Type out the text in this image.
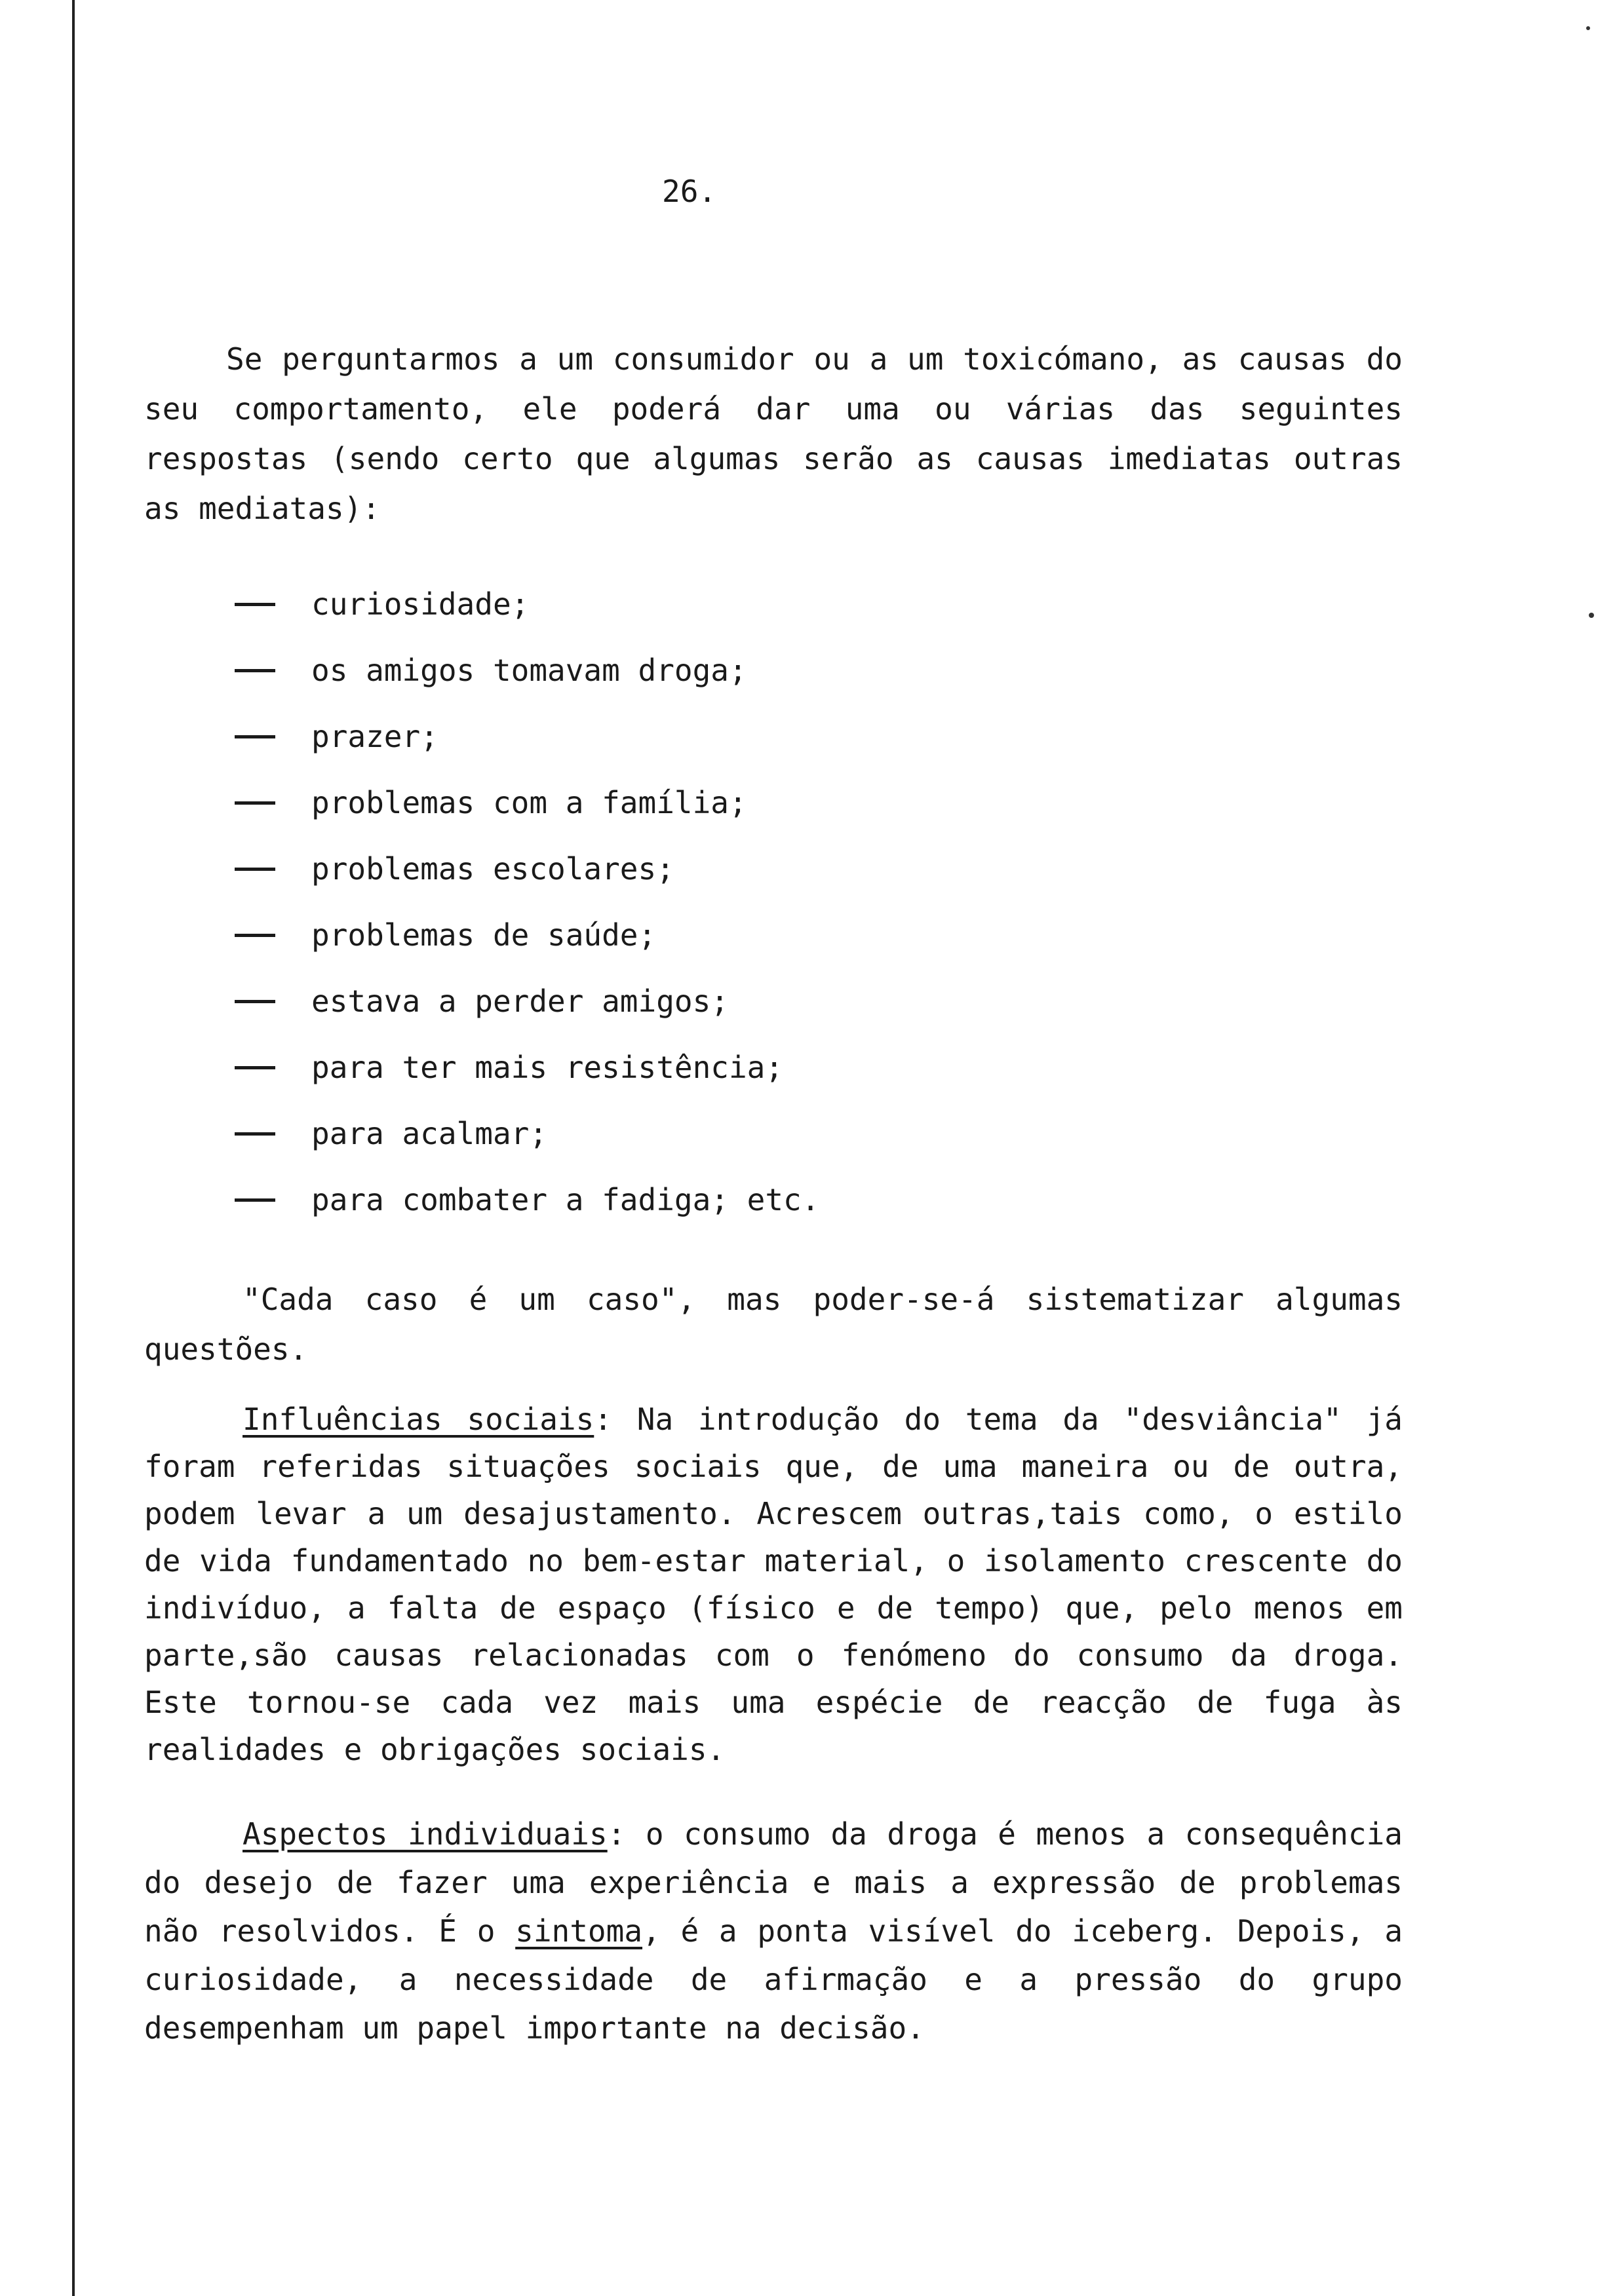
26.

Se perguntarmos a um consumidor ou a um toxicómano, as causas do seu comportamento, ele poderá dar uma ou várias das seguintes respostas (sendo certo que algumas serão as causas imediatas outras as mediatas):

curiosidade;
os amigos tomavam droga;
prazer;
problemas com a família;
problemas escolares;
problemas de saúde;
estava a perder amigos;
para ter mais resistência;
para acalmar;
para combater a fadiga; etc.

"Cada caso é um caso", mas poder-se-á sistematizar algumas questões.

Influências sociais: Na introdução do tema da "desviância" já foram referidas situações sociais que, de uma maneira ou de outra, podem levar a um desajustamento. Acrescem outras,tais como, o estilo de vida fundamentado no bem-estar material, o isolamento crescente do indivíduo, a falta de espaço (físico e de tempo) que, pelo menos em parte,são causas relacionadas com o fenómeno do consumo da droga. Este tornou-se cada vez mais uma espécie de reacção de fuga às realidades e obrigações sociais.

Aspectos individuais: o consumo da droga é menos a consequência do desejo de fazer uma experiência e mais a expressão de problemas não resolvidos. É o sintoma, é a ponta visível do iceberg. Depois, a curiosidade, a necessidade de afirmação e a pressão do grupo desempenham um papel importante na decisão.
